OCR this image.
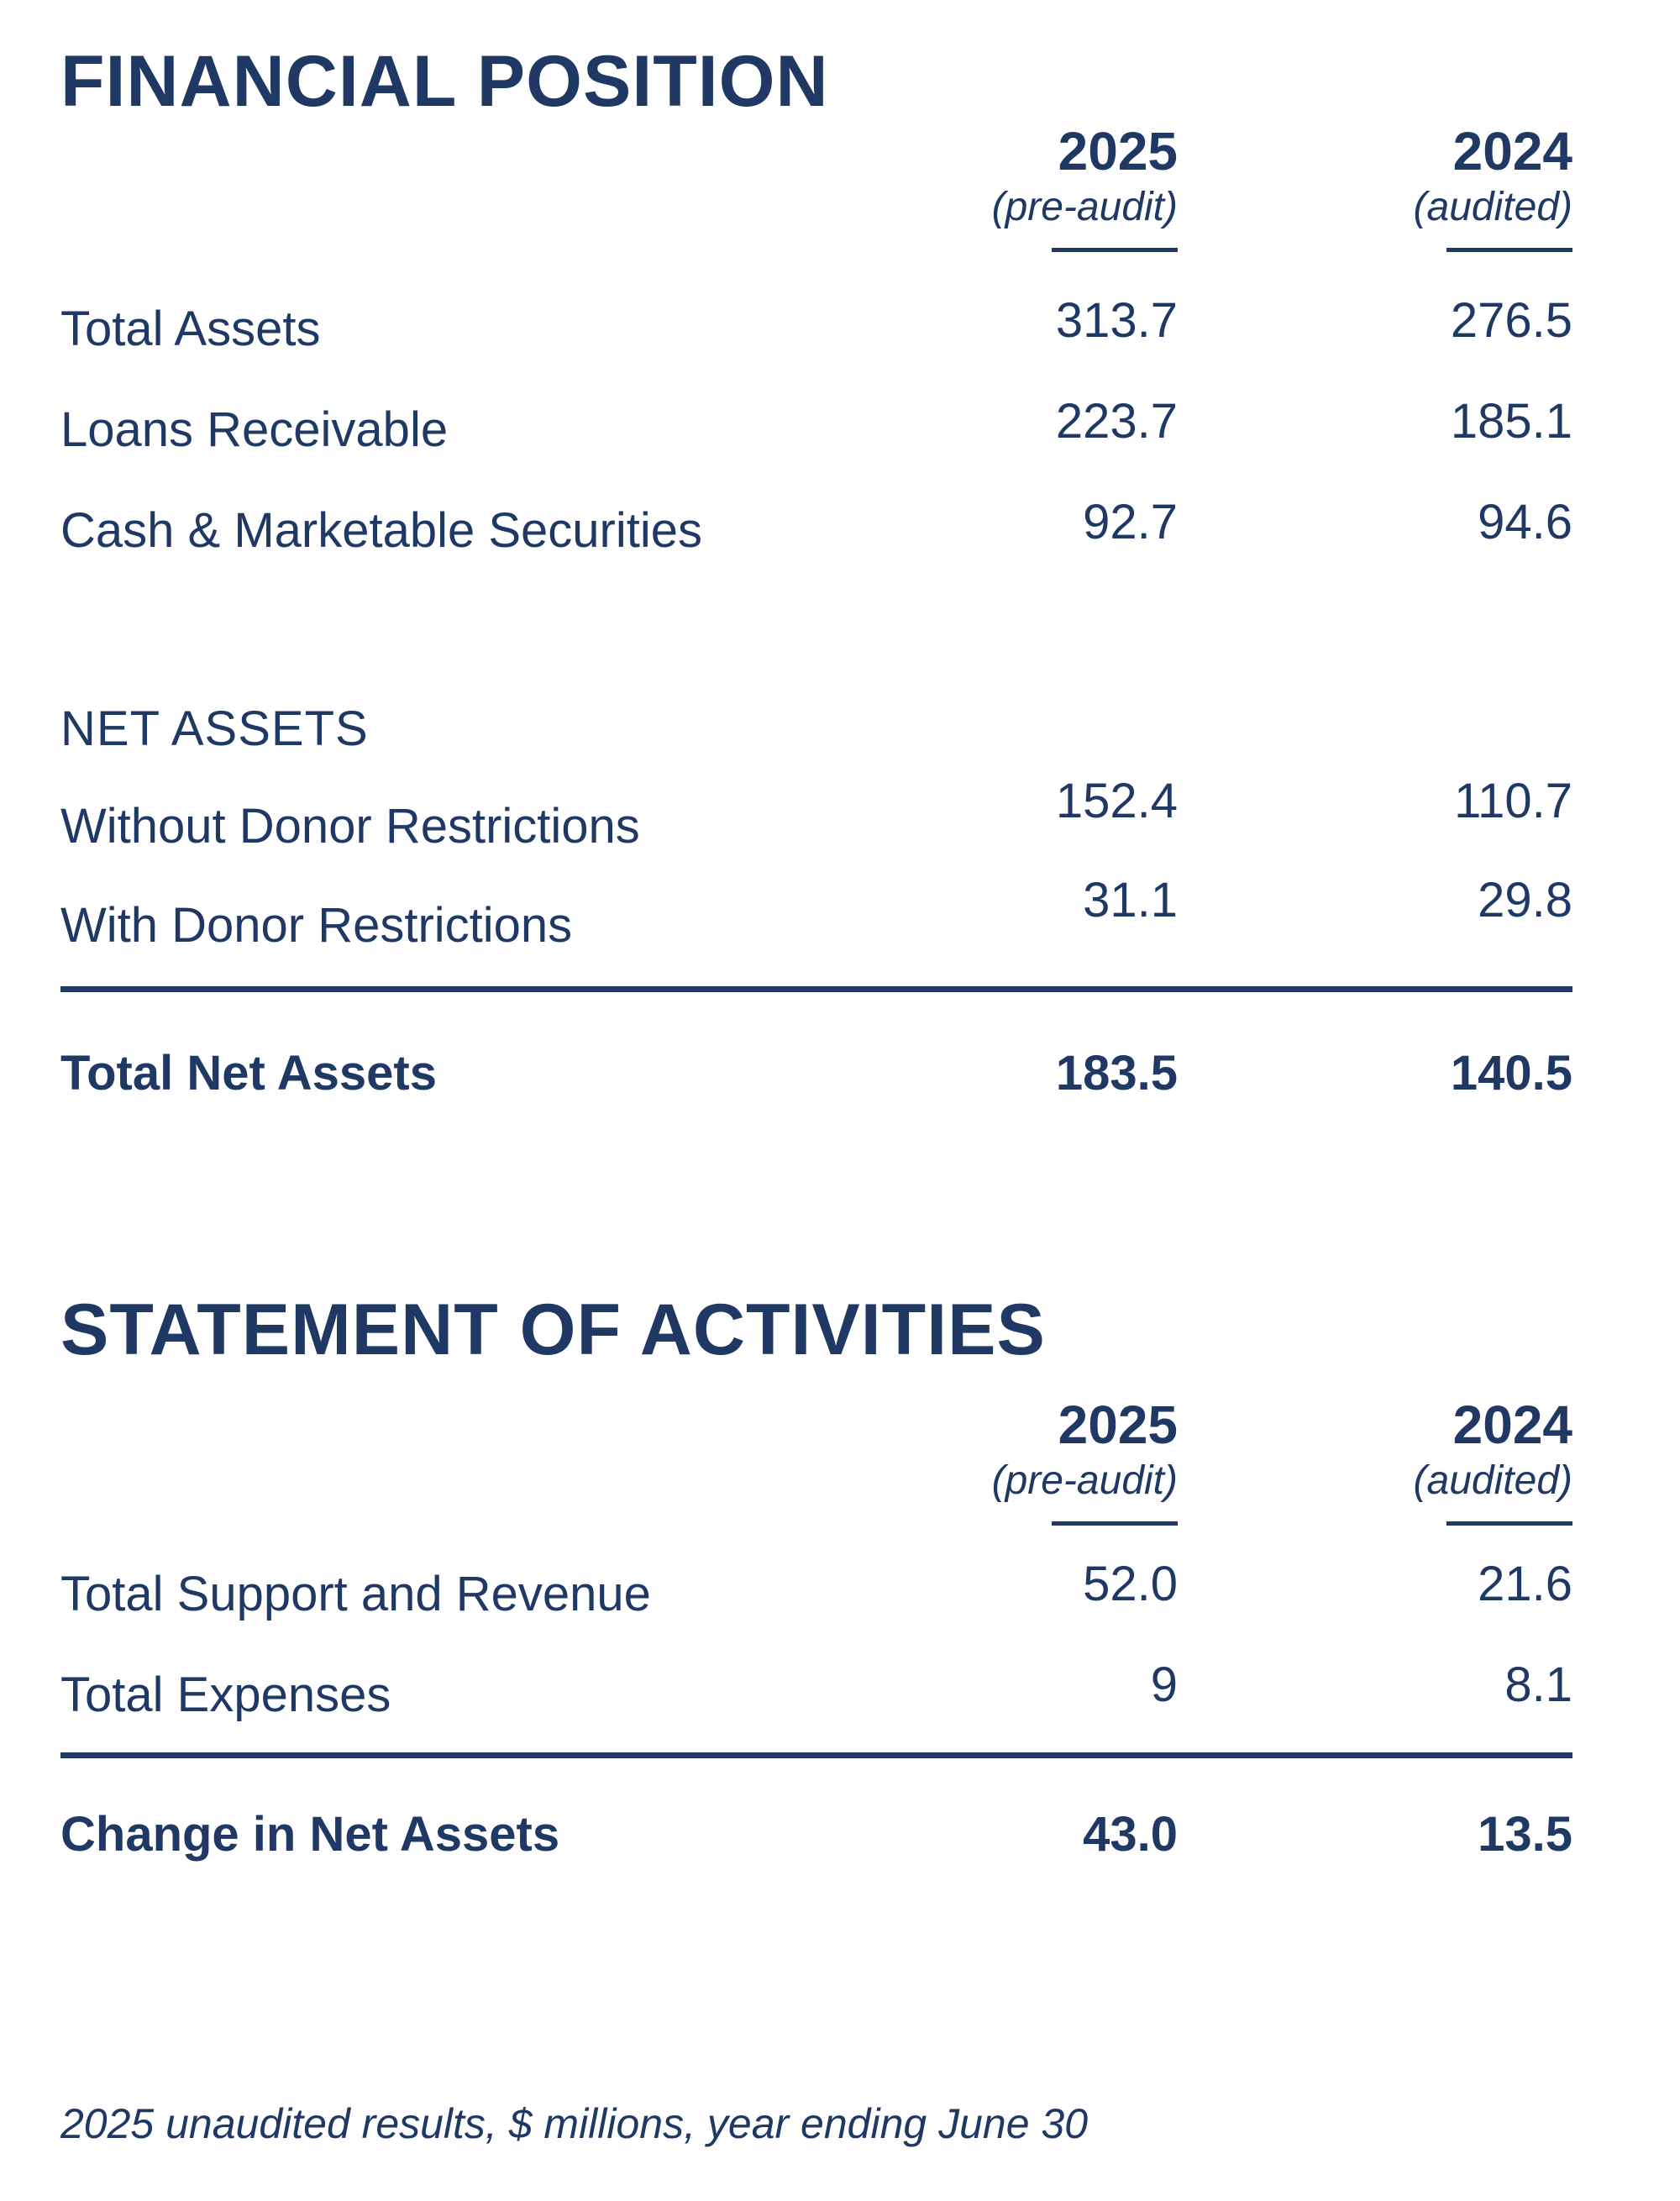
FINANCIAL POSITION
2025
(pre-audit)
2024
(audited)
Total Assets	313.7	276.5
Loans Receivable	223.7	185.1
Cash & Marketable Securities	92.7	94.6
NET ASSETS
Without Donor Restrictions	152.4	110.7
With Donor Restrictions	31.1	29.8
Total Net Assets	183.5	140.5
STATEMENT OF ACTIVITIES
2025
(pre-audit)
2024
(audited)
Total Support and Revenue	52.0	21.6
Total Expenses	9	8.1
Change in Net Assets	43.0	13.5

2025 unaudited results, $ millions, year ending June 30
